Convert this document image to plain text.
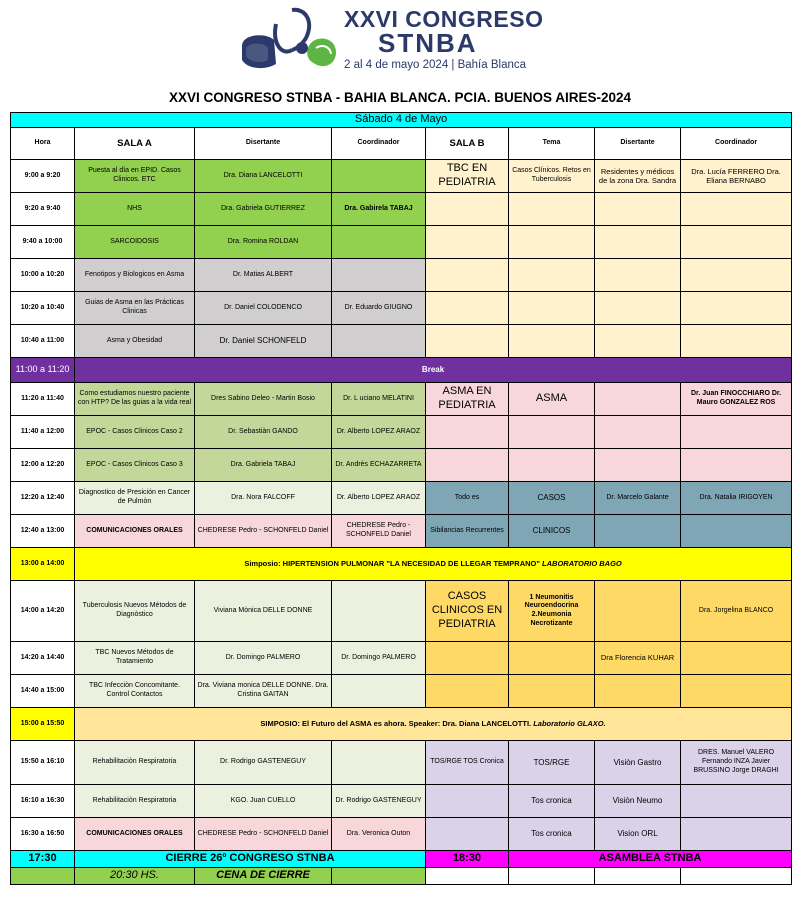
XXVI CONGRESO
STNBA
2 al 4 de mayo 2024 | Bahía Blanca
XXVI CONGRESO STNBA - BAHIA BLANCA. PCIA. BUENOS AIRES-2024
Sábado 4 de Mayo							
Hora	SALA A	Disertante	Coordinador	SALA B	Tema	Disertante	Coordinador
9:00 a 9:20	Puesta al día en EPID. Casos Clinicos. ETC	Dra. Diana LANCELOTTI		TBC EN PEDIATRIA	Casos Clínicos. Retos en Tuberculosis	Residentes y médicos de la zona Dra. Sandra	Dra. Lucía FERRERO Dra. Eliana BERNABO
9:20 a 9:40	NHS	Dra. Gabriela GUTIERREZ	Dra. Gabirela TABAJ				
9:40 a 10:00	SARCOIDOSIS	Dra. Romina ROLDAN					
10:00 a 10:20	Fenotipos y Biologicos en Asma	Dr. Matias ALBERT					
10:20 a 10:40	Guias de Asma en las Prácticas Clinicas	Dr. Daniel COLODENCO	Dr. Eduardo GIUGNO				
10:40 a 11:00	Asma y Obesidad	Dr. Daniel SCHONFELD					
11:00 a 11:20	Break						
11:20 a 11:40	Como estudiamos nuestro paciente con HTP? De las guias a la vida real	Dres Sabino Deleo - Martin Bosio	Dr. L uciano MELATINI	ASMA EN PEDIATRIA	ASMA		Dr. Juan FINOCCHIARO Dr. Mauro GONZALEZ ROS
11:40 a 12:00	EPOC - Casos Clinicos Caso 2	Dr. Sebastiàn GANDO	Dr. Alberto LOPEZ ARAOZ				
12:00 a 12:20	EPOC - Casos Clinicos Caso 3	Dra. Gabriela TABAJ	Dr. Andrès ECHAZARRETA				
12:20 a 12:40	Diagnostico de Presición en Cancer de Pulmòn	Dra. Nora FALCOFF	Dr. Alberto LOPEZ ARAOZ	Todo es	CASOS	Dr. Marcelo Galante	Dra. Natalia IRIGOYEN
12:40 a 13:00	COMUNICACIONES ORALES	CHEDRESE Pedro - SCHONFELD Daniel	CHEDRESE Pedro - SCHONFELD Daniel	Sibilancias Recurrentes	CLINICOS		
13:00 a 14:00	Simposio: HIPERTENSION PULMONAR "LA NECESIDAD DE LLEGAR TEMPRANO" LABORATORIO BAGO						
14:00 a 14:20	Tuberculosis Nuevos Métodos de Diagnòstico	Viviana Mònica DELLE DONNE		CASOS CLINICOS EN PEDIATRIA	1 Neumonitis Neuroendocrina 2.Neumonia Necrotizante		Dra. Jorgelina BLANCO
14:20 a 14:40	TBC Nuevos Métodos de Tratamiento	Dr. Domingo PALMERO	Dr. Domingo PALMERO			Dra Florencia KUHAR	
14:40 a 15:00	TBC Infecciòn Concomitante. Control Contactos	Dra. Viviana monica DELLE DONNE. Dra. Cristina GAITAN					
15:00 a 15:50	SIMPOSIO: El Futuro del ASMA es ahora. Speaker: Dra. Diana LANCELOTTI. Laboratorio GLAXO.						
15:50 a 16:10	Rehabilitaciòn Respiratoria	Dr. Rodrigo GASTENEGUY		TOS/RGE TOS Cronica	TOS/RGE	Visiòn Gastro	DRES. Manuel VALERO Fernando INZA Javier BRUSSINO Jorge DRAGHI
16:10 a 16:30	Rehabilitaciòn Respiratoria	KGO. Juan CUELLO	Dr. Rodrigo GASTENEGUY		Tos cronica	Visiòn Neumo	
16:30 a 16:50	COMUNICACIONES ORALES	CHEDRESE Pedro - SCHONFELD Daniel	Dra. Veronica Outon		Tos cronica	Vision ORL	
17:30	CIERRE 26º CONGRESO STNBA			18:30	ASAMBLEA STNBA		
	20:30 HS.	CENA DE CIERRE					
